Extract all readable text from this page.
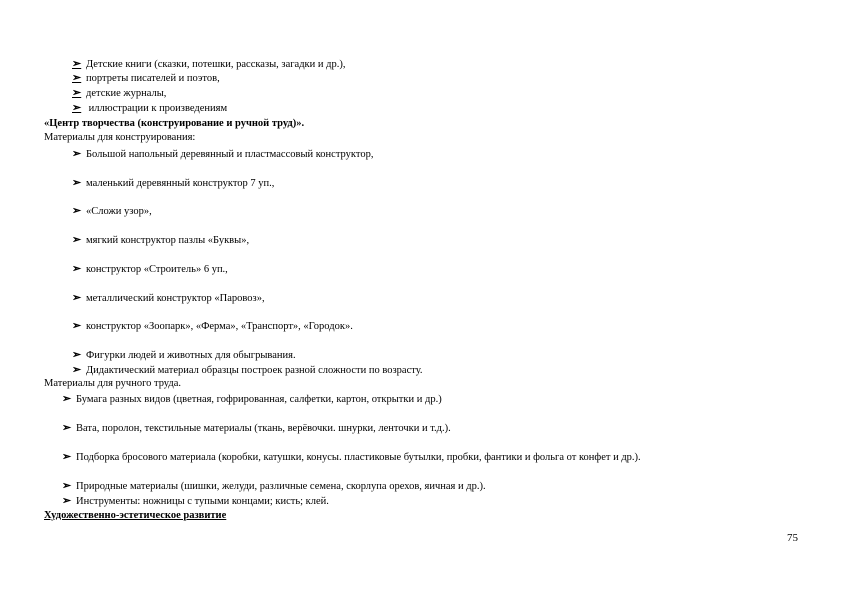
➢ Детские книги (сказки, потешки, рассказы, загадки и др.),
➢ портреты писателей и поэтов,
➢ детские журналы,
➢ иллюстрации к произведениям
«Центр творчества (конструирование и ручной труд)».
Материалы для конструирования:
➢ Большой напольный деревянный и пластмассовый конструктор,
➢ маленький деревянный конструктор 7 уп.,
➢ «Сложи узор»,
➢ мягкий конструктор пазлы «Буквы»,
➢ конструктор «Строитель» 6 уп.,
➢ металлический конструктор «Паровоз»,
➢ конструктор «Зоопарк», «Ферма», «Транспорт», «Городок».
➢ Фигурки людей и животных для обыгрывания.
➢ Дидактический материал образцы построек разной сложности по возрасту.
Материалы для ручного труда.
➢ Бумага разных видов (цветная, гофрированная, салфетки, картон, открытки и др.)
➢ Вата, поролон, текстильные материалы (ткань, верёвочки. шнурки, ленточки и т.д.).
➢ Подборка бросового материала (коробки, катушки, конусы. пластиковые бутылки, пробки, фантики и фольга от конфет и др.).
➢ Природные материалы (шишки, желуди, различные семена, скорлупа орехов, яичная и др.).
➢ Инструменты: ножницы с тупыми концами; кисть; клей.
Художественно-эстетическое развитие
75
